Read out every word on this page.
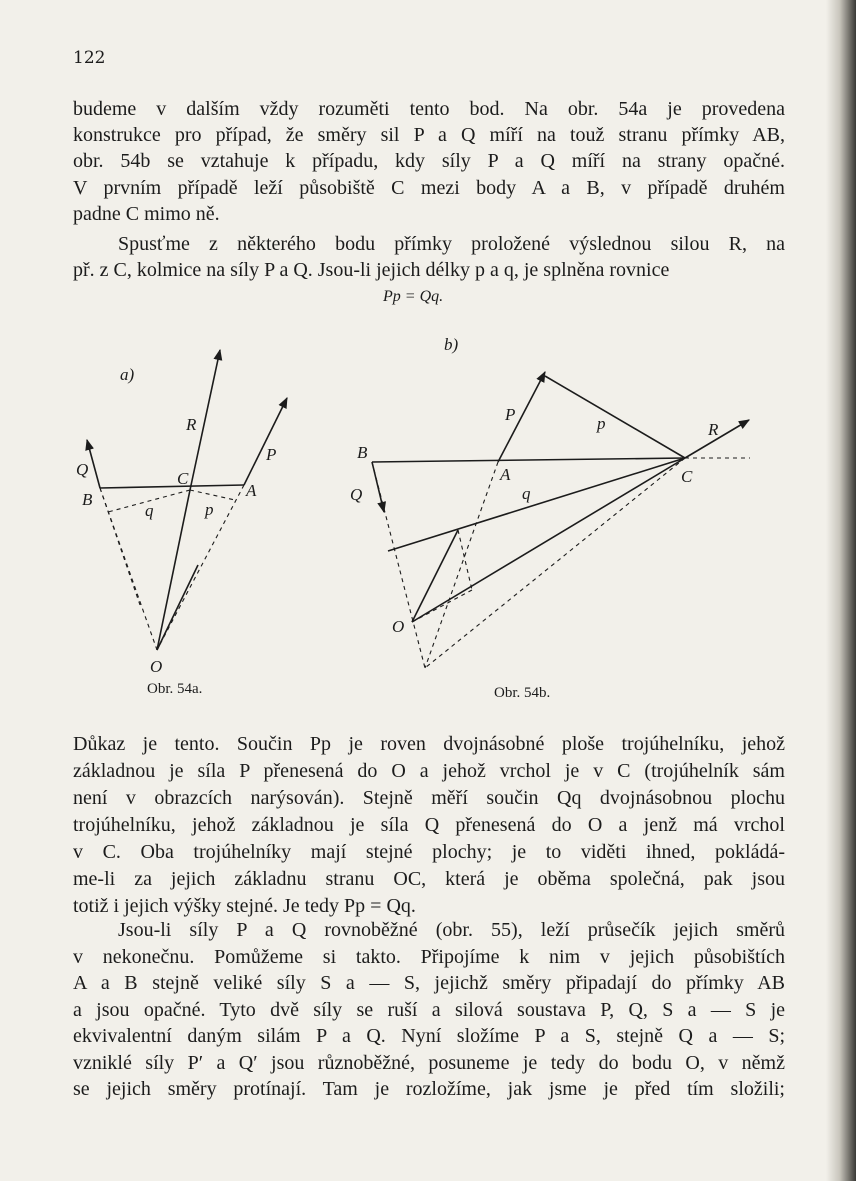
122
budeme v dalším vždy rozuměti tento bod. Na obr. 54a je provedena
konstrukce pro případ, že směry sil P a Q míří na touž stranu přímky AB,
obr. 54b se vztahuje k případu, kdy síly P a Q míří na strany opačné.
V prvním případě leží působiště C mezi body A a B, v případě druhém
padne C mimo ně.
Spusťme z některého bodu přímky proložené výslednou silou R, na
př. z C, kolmice na síly P a Q. Jsou-li jejich délky p a q, je splněna rovnice
Pp = Qq.
a)
R
P
Q
B
C
A
q	p
O
Obr. 54a.
b)
P	p	R
B
A	C
Q	q
O
Obr. 54b.
Důkaz je tento. Součin Pp je roven dvojnásobné ploše trojúhelníku, jehož
základnou je síla P přenesená do O a jehož vrchol je v C (trojúhelník sám
není v obrazcích narýsován). Stejně měří součin Qq dvojnásobnou plochu
trojúhelníku, jehož základnou je síla Q přenesená do O a jenž má vrchol
v C. Oba trojúhelníky mají stejné plochy; je to viděti ihned, pokládá-
me-li za jejich základnu stranu OC, která je oběma společná, pak jsou
totiž i jejich výšky stejné. Je tedy Pp = Qq.
Jsou-li síly P a Q rovnoběžné (obr. 55), leží průsečík jejich směrů
v nekonečnu. Pomůžeme si takto. Připojíme k nim v jejich působištích
A a B stejně veliké síly S a — S, jejichž směry připadají do přímky AB
a jsou opačné. Tyto dvě síly se ruší a silová soustava P, Q, S a — S je
ekvivalentní daným silám P a Q. Nyní složíme P a S, stejně Q a — S;
vzniklé síly P′ a Q′ jsou různoběžné, posuneme je tedy do bodu O, v němž
se jejich směry protínají. Tam je rozložíme, jak jsme je před tím složili;
